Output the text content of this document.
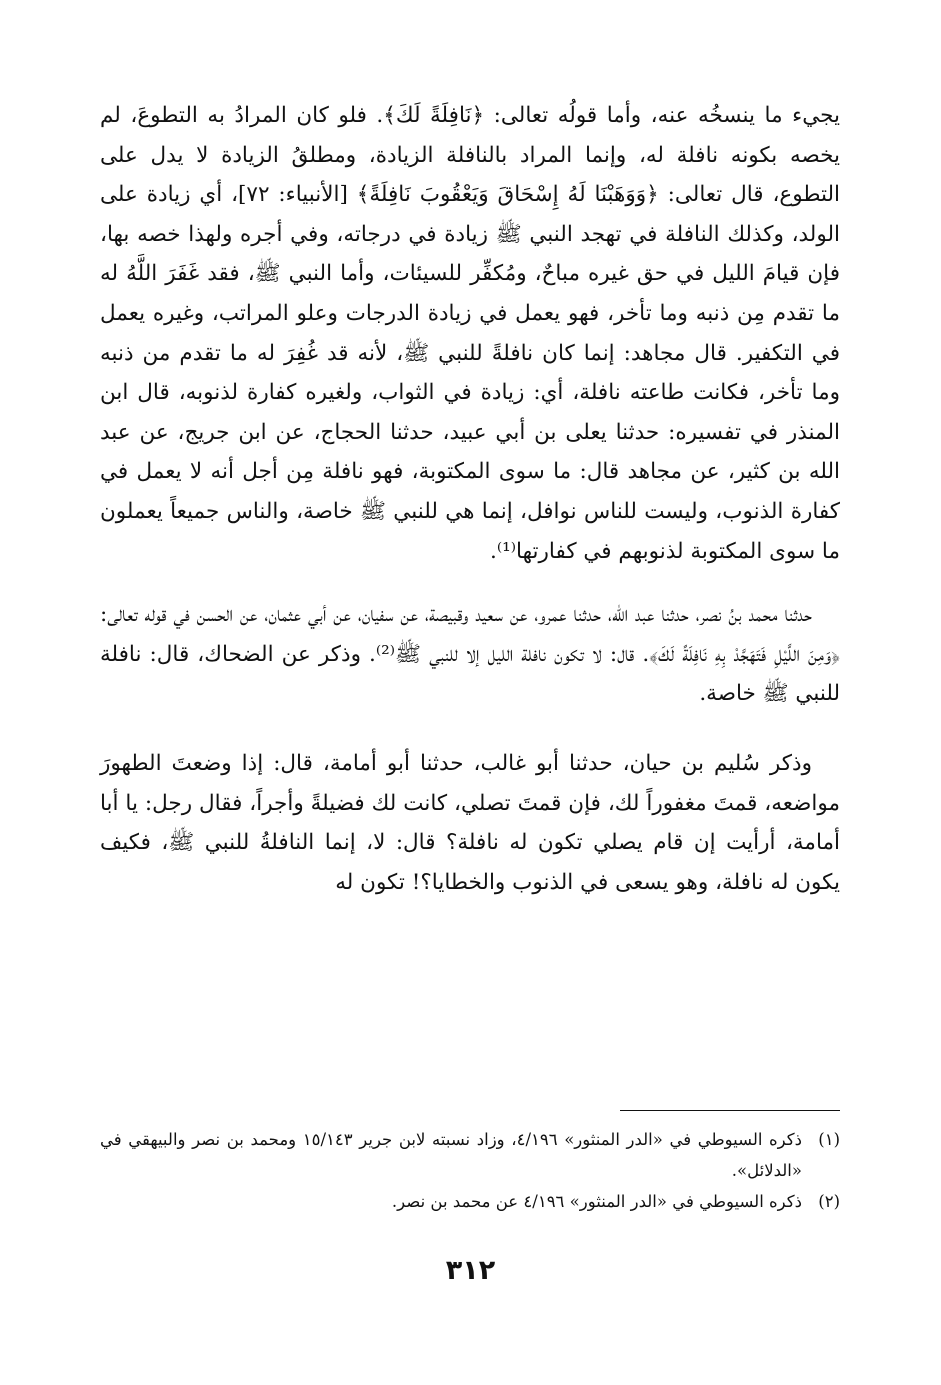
يجيء ما ينسخُه عنه، وأما قولُه تعالى: ﴿نَافِلَةً لَكَ﴾. فلو كان المرادُ به التطوعَ، لم يخصه بكونه نافلة له، وإنما المراد بالنافلة الزيادة، ومطلقُ الزيادة لا يدل على التطوع، قال تعالى: ﴿وَوَهَبْنَا لَهُ إِسْحَاقَ وَيَعْقُوبَ نَافِلَةً﴾ [الأنبياء: ٧٢]، أي زيادة على الولد، وكذلك النافلة في تهجد النبي ﷺ زيادة في درجاته، وفي أجره ولهذا خصه بها، فإن قيامَ الليل في حق غيره مباحٌ، ومُكفِّر للسيئات، وأما النبي ﷺ، فقد غَفَرَ اللَّهُ له ما تقدم مِن ذنبه وما تأخر، فهو يعمل في زيادة الدرجات وعلو المراتب، وغيره يعمل في التكفير. قال مجاهد: إنما كان نافلةً للنبي ﷺ، لأنه قد غُفِرَ له ما تقدم من ذنبه وما تأخر، فكانت طاعته نافلة، أي: زيادة في الثواب، ولغيره كفارة لذنوبه، قال ابن المنذر في تفسيره: حدثنا يعلى بن أبي عبيد، حدثنا الحجاج، عن ابن جريج، عن عبد الله بن كثير، عن مجاهد قال: ما سوى المكتوبة، فهو نافلة مِن أجل أنه لا يعمل في كفارة الذنوب، وليست للناس نوافل، إنما هي للنبي ﷺ خاصة، والناس جميعاً يعملون ما سوى المكتوبة لذنوبهم في كفارتها⁽¹⁾.

حدثنا محمد بنُ نصر، حدثنا عبد الله، حدثنا عمرو، عن سعيد وقبيصة، عن سفيان، عن أبي عثمان، عن الحسن في قوله تعالى: ﴿وَمِنَ اللَّيْلِ فَتَهَجَّدْ بِهِ نَافِلَةً لَكَ﴾. قال: لا تكون نافلة الليل إلا للنبي ﷺ⁽²⁾. وذكر عن الضحاك، قال: نافلة للنبي ﷺ خاصة.

وذكر سُليم بن حيان، حدثنا أبو غالب، حدثنا أبو أمامة، قال: إذا وضعتَ الطهورَ مواضعه، قمتَ مغفوراً لك، فإن قمتَ تصلي، كانت لك فضيلةً وأجراً، فقال رجل: يا أبا أمامة، أرأيت إن قام يصلي تكون له نافلة؟ قال: لا، إنما النافلةُ للنبي ﷺ، فكيف يكون له نافلة، وهو يسعى في الذنوب والخطايا؟! تكون له

(١)
ذكره السيوطي في «الدر المنثور» ٤/١٩٦، وزاد نسبته لابن جرير ١٥/١٤٣ ومحمد بن نصر والبيهقي في «الدلائل».
(٢)
ذكره السيوطي في «الدر المنثور» ٤/١٩٦ عن محمد بن نصر.
٣١٢
